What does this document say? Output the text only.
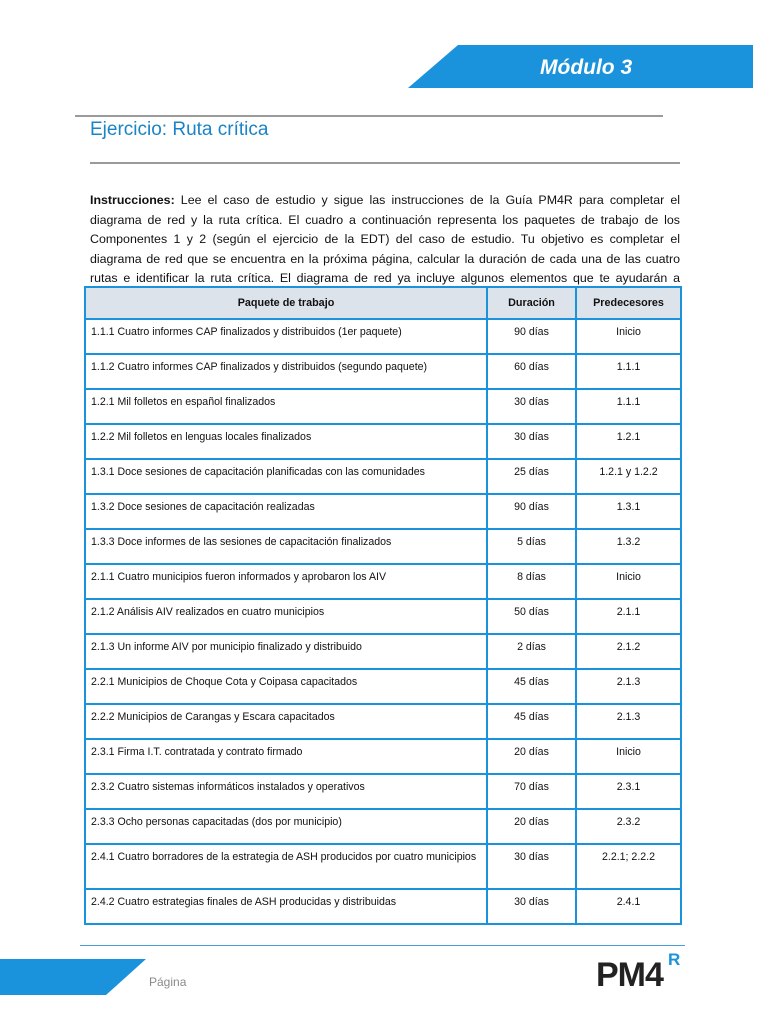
Módulo 3
Ejercicio: Ruta crítica
Instrucciones: Lee el caso de estudio y sigue las instrucciones de la Guía PM4R para completar el diagrama de red y la ruta crítica. El cuadro a continuación representa los paquetes de trabajo de los Componentes 1 y 2 (según el ejercicio de la EDT) del caso de estudio. Tu objetivo es completar el diagrama de red que se encuentra en la próxima página, calcular la duración de cada una de las cuatro rutas e identificar la ruta crítica. El diagrama de red ya incluye algunos elementos que te ayudarán a
Paquete de trabajo	Duración	Predecesores
1.1.1 Cuatro informes CAP finalizados y distribuidos (1er paquete)	90 días	Inicio
1.1.2 Cuatro informes CAP finalizados y distribuidos (segundo paquete)	60 días	1.1.1
1.2.1 Mil folletos en español finalizados	30 días	1.1.1
1.2.2 Mil folletos en lenguas locales finalizados	30 días	1.2.1
1.3.1 Doce sesiones de capacitación planificadas con las comunidades	25 días	1.2.1 y 1.2.2
1.3.2 Doce sesiones de capacitación realizadas	90 días	1.3.1
1.3.3 Doce informes de las sesiones de capacitación finalizados	5 días	1.3.2
2.1.1 Cuatro municipios fueron informados y aprobaron los AIV	8 días	Inicio
2.1.2 Análisis AIV realizados en cuatro municipios	50 días	2.1.1
2.1.3 Un informe AIV por municipio finalizado y distribuido	2 días	2.1.2
2.2.1 Municipios de Choque Cota y Coipasa capacitados	45 días	2.1.3
2.2.2 Municipios de Carangas y Escara capacitados	45 días	2.1.3
2.3.1 Firma I.T. contratada y contrato firmado	20 días	Inicio
2.3.2 Cuatro sistemas informáticos instalados y operativos	70 días	2.3.1
2.3.3 Ocho personas capacitadas (dos por municipio)	20 días	2.3.2
2.4.1 Cuatro borradores de la estrategia de ASH producidos por cuatro municipios	30 días	2.2.1; 2.2.2
2.4.2 Cuatro estrategias finales de ASH producidas y distribuidas	30 días	2.4.1
Página	PM4 R
